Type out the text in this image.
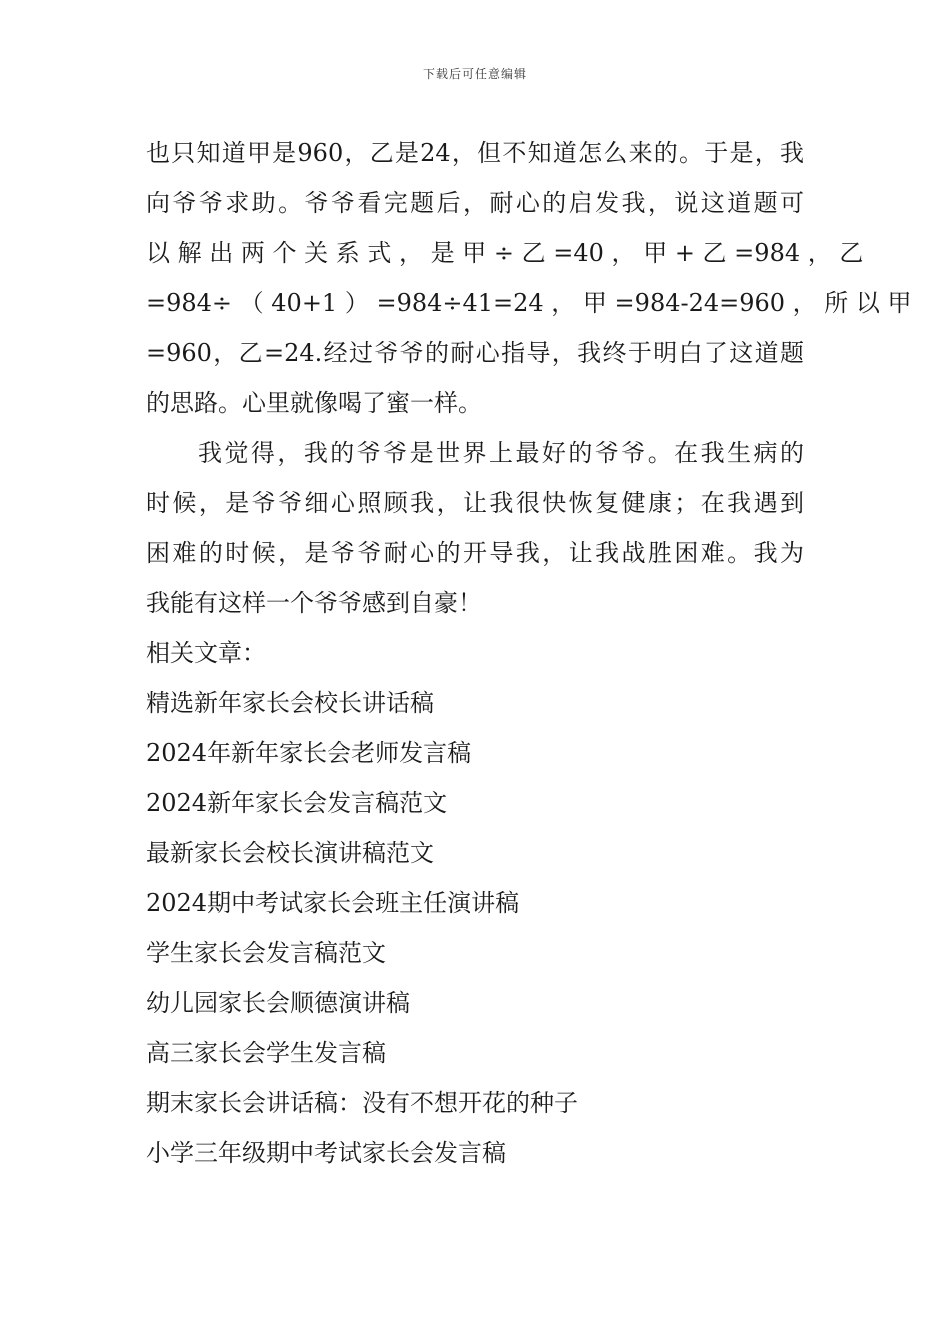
下载后可任意编辑
也只知道甲是960，乙是24，但不知道怎么来的。于是，我
向爷爷求助。爷爷看完题后，耐心的启发我，说这道题可
以 解 出 两 个 关 系 式 ， 是 甲 ÷ 乙 =40 ， 甲 + 乙 =984 ， 乙
=984÷ （ 40+1 ） =984÷41=24 ， 甲 =984-24=960 ， 所 以 甲
=960，乙=24.经过爷爷的耐心指导，我终于明白了这道题
的思路。心里就像喝了蜜一样。
我觉得，我的爷爷是世界上最好的爷爷。在我生病的
时候，是爷爷细心照顾我，让我很快恢复健康；在我遇到
困难的时候，是爷爷耐心的开导我，让我战胜困难。我为
我能有这样一个爷爷感到自豪！
相关文章：
精选新年家长会校长讲话稿
2024年新年家长会老师发言稿
2024新年家长会发言稿范文
最新家长会校长演讲稿范文
2024期中考试家长会班主任演讲稿
学生家长会发言稿范文
幼儿园家长会顺德演讲稿
高三家长会学生发言稿
期末家长会讲话稿：没有不想开花的种子
小学三年级期中考试家长会发言稿
